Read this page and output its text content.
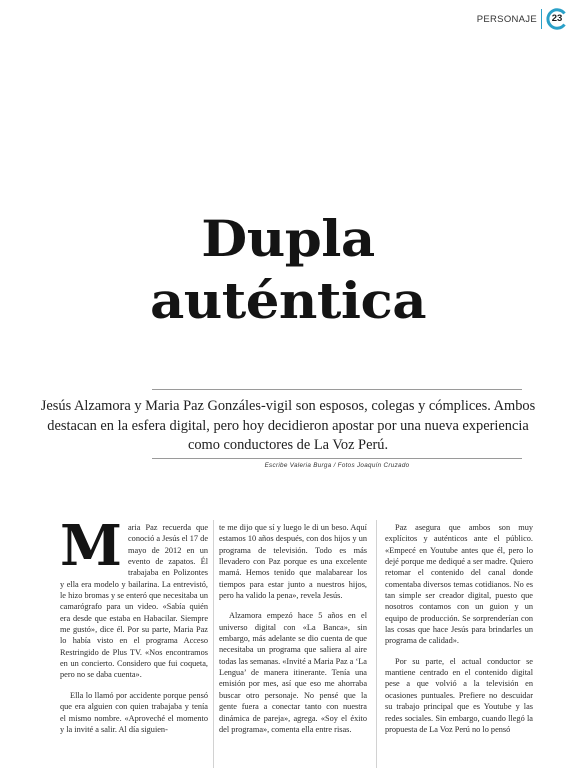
PERSONAJE	23
Dupla
auténtica
Jesús Alzamora y Maria Paz Gonzáles-vigil son esposos, colegas y cómplices. Ambos destacan en la esfera digital, pero hoy decidieron apostar por una nueva experiencia como conductores de La Voz Perú.
Escribe Valeria Burga / Fotos Joaquín Cruzado

Maria Paz recuerda que conoció a Jesús el 17 de mayo de 2012 en un evento de zapatos. Él trabajaba en Polizontes y ella era modelo y bailarina. La entrevistó, le hizo bromas y se enteró que necesitaba un camarógrafo para un video. «Sabía quién era desde que estaba en Habacilar. Siempre me gustó», dice él. Por su parte, Maria Paz lo había visto en el programa Acceso Restringido de Plus TV. «Nos encontramos en un concierto. Considero que fui coqueta, pero no se daba cuenta».

Ella lo llamó por accidente porque pensó que era alguien con quien trabajaba y tenía el mismo nombre. «Aproveché el momento y la invité a salir. Al día siguien-

te me dijo que sí y luego le di un beso. Aquí estamos 10 años después, con dos hijos y un programa de televisión. Todo es más llevadero con Paz porque es una excelente mamá. Hemos tenido que malabarear los tiempos para estar junto a nuestros hijos, pero ha valido la pena», revela Jesús.

Alzamora empezó hace 5 años en el universo digital con «La Banca», sin embargo, más adelante se dio cuenta de que necesitaba un programa que saliera al aire todas las semanas. «Invité a Maria Paz a ‘La Lengua’ de manera itinerante. Tenía una emisión por mes, así que eso me ahorraba buscar otro personaje. No pensé que la gente fuera a conectar tanto con nuestra dinámica de pareja», agrega. «Soy el éxito del programa», comenta ella entre risas.

Paz asegura que ambos son muy explícitos y auténticos ante el público. «Empecé en Youtube antes que él, pero lo dejé porque me dediqué a ser madre. Quiero retomar el contenido del canal donde comentaba diversos temas cotidianos. No es tan simple ser creador digital, puesto que nosotros contamos con un guion y un equipo de producción. Se sorprenderían con las cosas que hace Jesús para brindarles un programa de calidad».

Por su parte, el actual conductor se mantiene centrado en el contenido digital pese a que volvió a la televisión en ocasiones puntuales. Prefiere no descuidar su trabajo principal que es Youtube y las redes sociales. Sin embargo, cuando llegó la propuesta de La Voz Perú no lo pensó
